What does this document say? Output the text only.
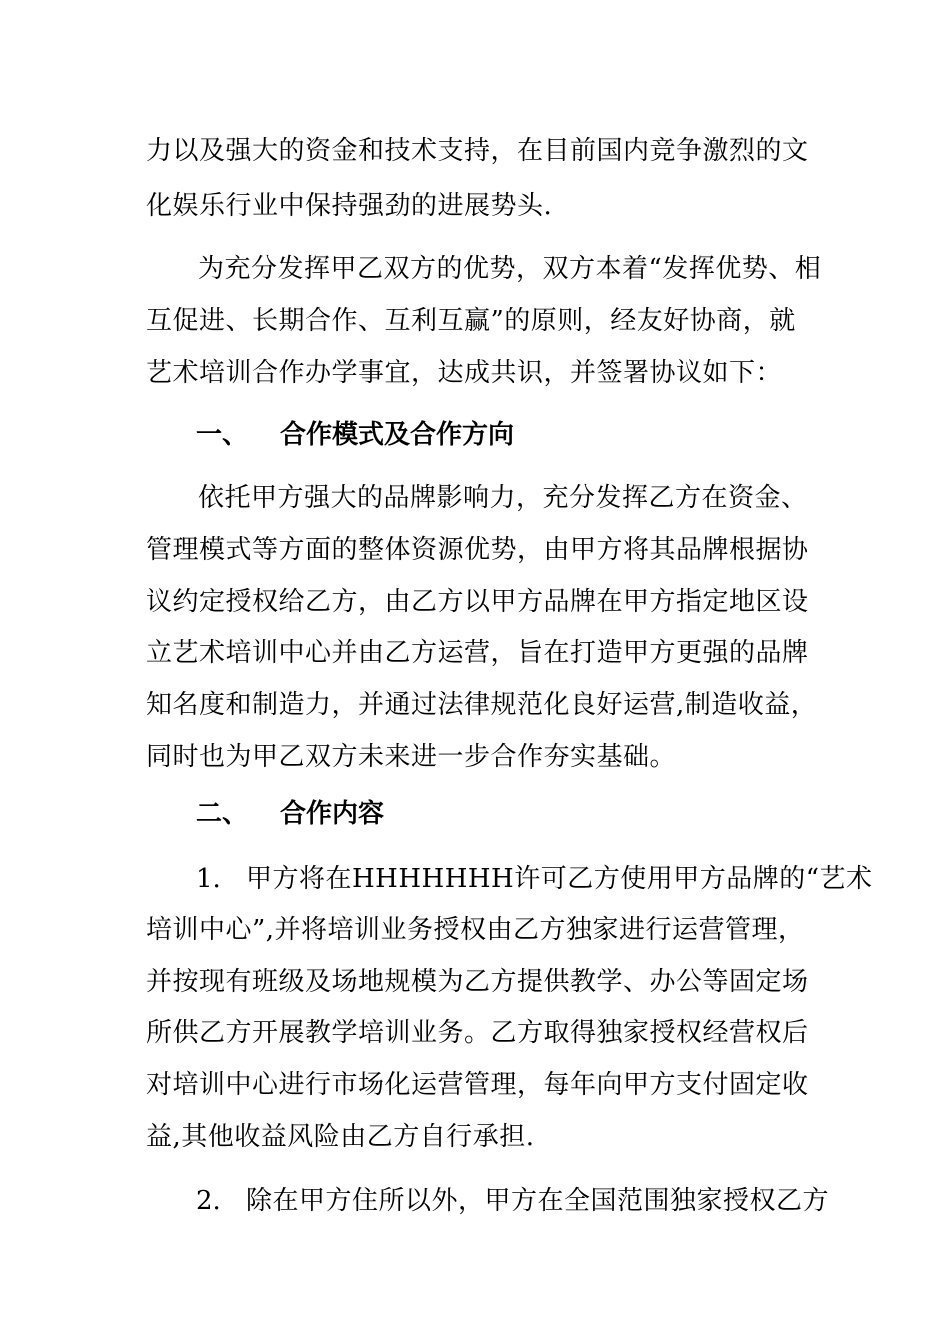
力以及强大的资金和技术支持，在目前国内竞争激烈的文
化娱乐行业中保持强劲的进展势头.
为充分发挥甲乙双方的优势，双方本着“发挥优势、相
互促进、长期合作、互利互赢”的原则，经友好协商，就
艺术培训合作办学事宜，达成共识，并签署协议如下：
一、 合作模式及合作方向
依托甲方强大的品牌影响力，充分发挥乙方在资金、
管理模式等方面的整体资源优势，由甲方将其品牌根据协
议约定授权给乙方，由乙方以甲方品牌在甲方指定地区设
立艺术培训中心并由乙方运营，旨在打造甲方更强的品牌
知名度和制造力，并通过法律规范化良好运营,制造收益，
同时也为甲乙双方未来进一步合作夯实基础。
二、 合作内容
1. 甲方将在HHHHHHH许可乙方使用甲方品牌的“艺术
培训中心”,并将培训业务授权由乙方独家进行运营管理，
并按现有班级及场地规模为乙方提供教学、办公等固定场
所供乙方开展教学培训业务。乙方取得独家授权经营权后
对培训中心进行市场化运营管理，每年向甲方支付固定收
益,其他收益风险由乙方自行承担.
2. 除在甲方住所以外，甲方在全国范围独家授权乙方
